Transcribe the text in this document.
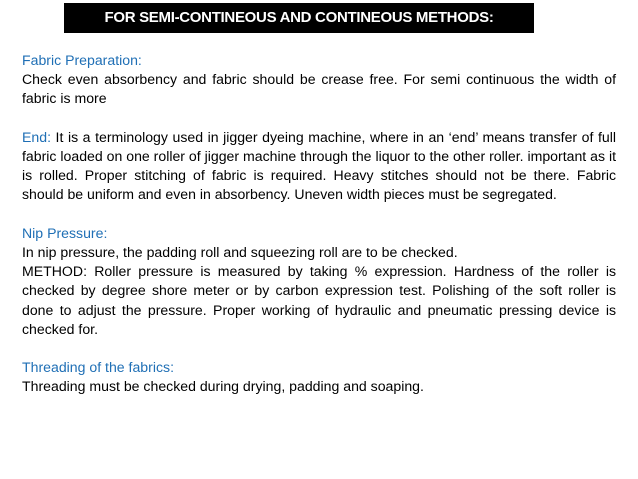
FOR SEMI-CONTINEOUS AND CONTINEOUS METHODS:

Fabric Preparation:

Check even absorbency and fabric should be crease free. For semi continuous the width of fabric is more

End: It is a terminology used in jigger dyeing machine, where in an ‘end’ means transfer of full fabric loaded on one roller of jigger machine through the liquor to the other roller. important as it is rolled. Proper stitching of fabric is required. Heavy stitches should not be there. Fabric should be uniform and even in absorbency. Uneven width pieces must be segregated.

Nip Pressure:

In nip pressure, the padding roll and squeezing roll are to be checked.

METHOD: Roller pressure is measured by taking % expression. Hardness of the roller is checked by degree shore meter or by carbon expression test. Polishing of the soft roller is done to adjust the pressure. Proper working of hydraulic and pneumatic pressing device is checked for.

Threading of the fabrics:

Threading must be checked during drying, padding and soaping.
